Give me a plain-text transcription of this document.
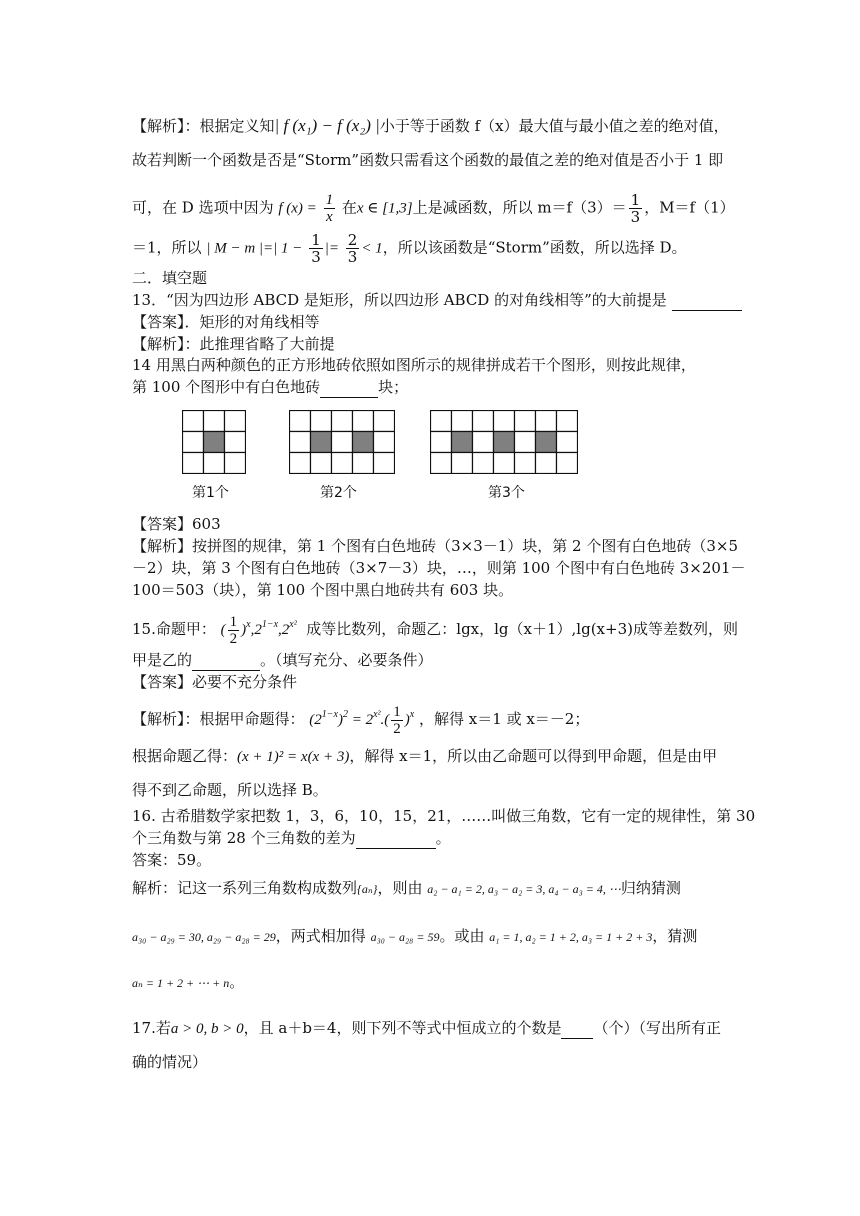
【解析】：根据定义知| f (x₁) − f (x₂) |小于等于函数 f（x）最大值与最小值之差的绝对值，
故若判断一个函数是否是“Storm”函数只需看这个函数的最值之差的绝对值是否小于 1 即
可，在 D 选项中因为 f $(x) = \frac{1}{x}$ 在x ∈ [1,3]上是减函数，所以 $m=f(3)= \frac{1}{3}$ ，M＝f（1）
＝1，所以 | M − m |=| $1 - \frac{1}{3}$ |= $\frac{2}{3} < 1$，所以该函数是“Storm”函数，所以选择 D。
二．填空题
13．“因为四边形 ABCD 是矩形，所以四边形 ABCD 的对角线相等”的大前提是
【答案】．矩形的对角线相等
【解析】：此推理省略了大前提
14 用黑白两种颜色的正方形地砖依照如图所示的规律拼成若干个图形，则按此规律，
第 100 个图形中有白色地砖	块；
第1个	第2个	第3个
【答案】603
【解析】按拼图的规律，第 1 个图有白色地砖（3×3－1）块，第 2 个图有白色地砖（3×5
－2）块，第 3 个图有白色地砖（3×7－3）块，…，则第 100 个图中有白色地砖 3×201－
100＝503（块），第 100 个图中黑白地砖共有 603 块。
15.命题甲： ( $\frac{1}{2} )^x,2^{1-x},2^{x^2}$ 成等比数列，命题乙：lgx，lg（x＋1）,lg(x+3)成等差数列，则
甲是乙的	。（填写充分、必要条件）
【答案】必要不充分条件
【解析】：根据甲命题得： $(2^{1-x})^2 = 2^{x^2}.( \frac{1}{2} )^x$ ，解得 x＝1 或 x＝－2；
根据命题乙得：(x + 1)² = x(x + 3)，解得 x＝1，所以由乙命题可以得到甲命题，但是由甲
得不到乙命题，所以选择 B。
16. 古希腊数学家把数 1，3，6，10，15，21，……叫做三角数，它有一定的规律性，第 30
个三角数与第 28 个三角数的差为	。
答案：59。
解析：记这一系列三角数构成数列{aₙ}，则由 a₂ − a₁ = 2, a₃ − a₂ = 3, a₄ − a₃ = 4, ⋯归纳猜测
a₃₀ − a₂₉ = 30, a₂₉ − a₂₈ = 29，两式相加得 a₃₀ − a₂₈ = 59。或由 a₁ = 1, a₂ = 1 + 2, a₃ = 1 + 2 + 3，猜测
aₙ = 1 + 2 + ⋯ + n。
17.若a > 0, b > 0，且 a＋b＝4，则下列不等式中恒成立的个数是 （个）（写出所有正
确的情况）
